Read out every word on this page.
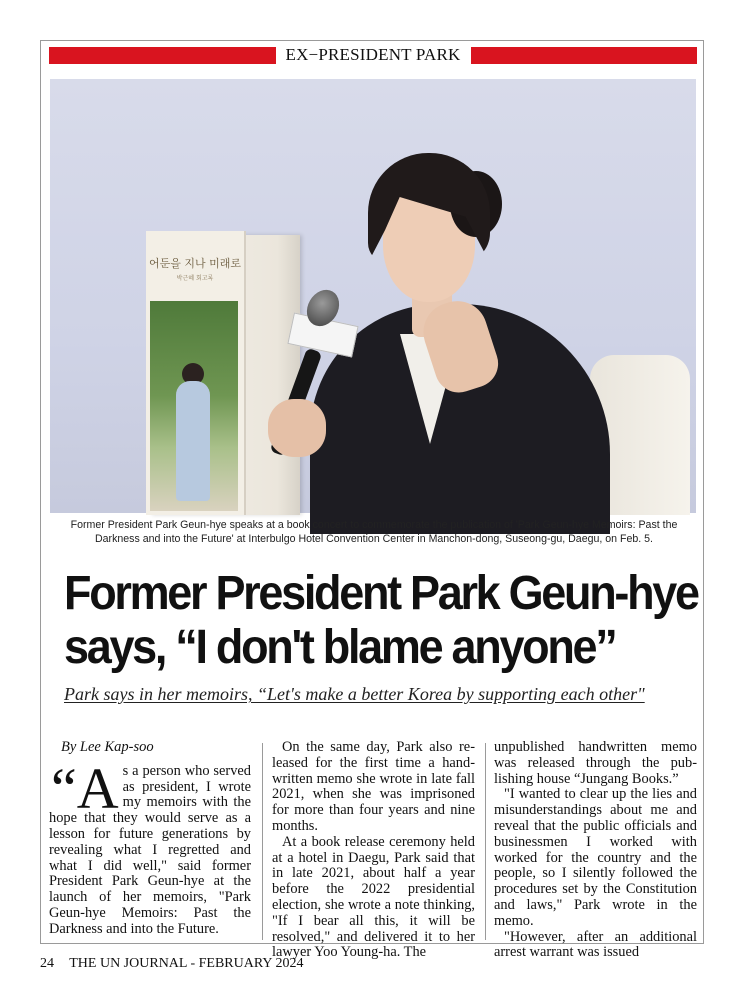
EX−PRESIDENT PARK
어둔을 지나 미래로
박근혜 회고록
Former President Park Geun-hye speaks at a book concert to commemorate the publication of 'Park Geun-hye Memoirs: Past the Darkness and into the Future' at Interbulgo Hotel Convention Center in Manchon-dong, Suseong-gu, Daegu, on Feb. 5.
Former President Park Geun-hye
says, “I don't blame anyone”
Park says in her memoirs, “Let's make a better Korea by supporting each other"
By Lee Kap-soo

“As a person who served as president, I wrote my memoirs with the hope that they would serve as a lesson for future generations by revealing what I regretted and what I did well," said former President Park Geun-hye at the launch of her memoirs, "Park Geun-hye Memoirs: Past the Darkness and into the Future.

On the same day, Park also released for the first time a handwritten memo she wrote in late fall 2021, when she was imprisoned for more than four years and nine months.

At a book release ceremony held at a hotel in Daegu, Park said that in late 2021, about half a year before the 2022 presidential election, she wrote a note thinking, "If I bear all this, it will be resolved," and delivered it to her lawyer Yoo Young-ha. The

unpublished handwritten memo was released through the publishing house “Jungang Books.”

"I wanted to clear up the lies and misunderstandings about me and reveal that the public officials and businessmen I worked with worked for the country and the people, so I silently followed the procedures set by the Constitution and laws," Park wrote in the memo.

"However, after an additional arrest warrant was issued

24 THE UN JOURNAL - FEBRUARY 2024
